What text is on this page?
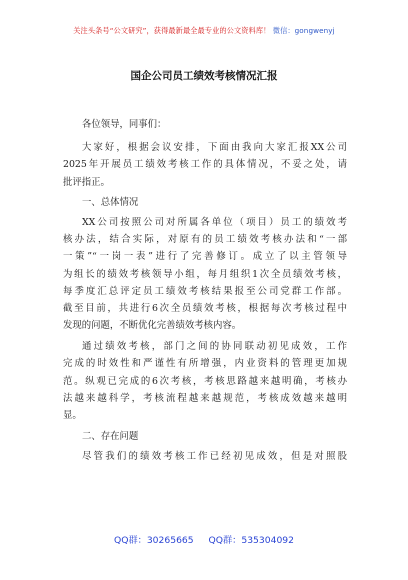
关注头条号“公文研究”，获得最新最全最专业的公文资料库！ 微信：gongwenyj
国企公司员工绩效考核情况汇报
各位领导，同事们：
大家好，根据会议安排，下面由我向大家汇报XX公司
2025年开展员工绩效考核工作的具体情况，不妥之处，请
批评指正。
一、总体情况
XX公司按照公司对所属各单位（项目）员工的绩效考
核办法，结合实际，对原有的员工绩效考核办法和“一部
一策”“一岗一表”进行了完善修订。成立了以主管领导
为组长的绩效考核领导小组，每月组织1次全员绩效考核，
每季度汇总评定员工绩效考核结果报至公司党群工作部。
截至目前，共进行6次全员绩效考核，根据每次考核过程中
发现的问题，不断优化完善绩效考核内容。
通过绩效考核，部门之间的协同联动初见成效，工作
完成的时效性和严谨性有所增强，内业资料的管理更加规
范。纵观已完成的6次考核，考核思路越来越明确，考核办
法越来越科学，考核流程越来越规范，考核成效越来越明
显。
二、存在问题
尽管我们的绩效考核工作已经初见成效，但是对照股
QQ群：30265665 QQ群：535304092
